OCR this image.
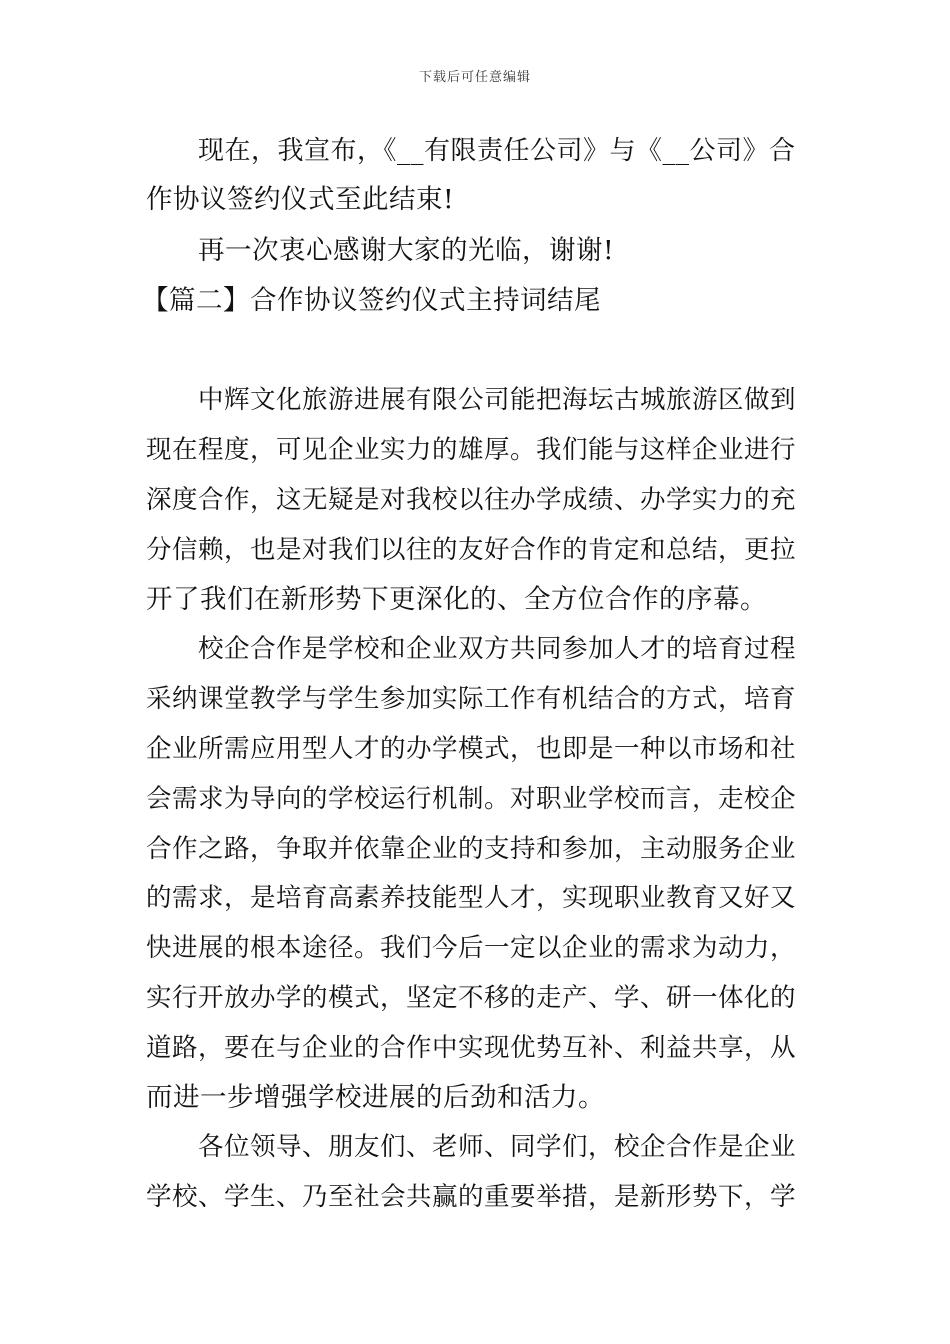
下载后可任意编辑
现在，我宣布，《__有限责任公司》与《__公司》合
作协议签约仪式至此结束!
再一次衷心感谢大家的光临，谢谢!
【篇二】合作协议签约仪式主持词结尾
中辉文化旅游进展有限公司能把海坛古城旅游区做到
现在程度，可见企业实力的雄厚。我们能与这样企业进行
深度合作，这无疑是对我校以往办学成绩、办学实力的充
分信赖，也是对我们以往的友好合作的肯定和总结，更拉
开了我们在新形势下更深化的、全方位合作的序幕。
校企合作是学校和企业双方共同参加人才的培育过程
采纳课堂教学与学生参加实际工作有机结合的方式，培育
企业所需应用型人才的办学模式，也即是一种以市场和社
会需求为导向的学校运行机制。对职业学校而言，走校企
合作之路，争取并依靠企业的支持和参加，主动服务企业
的需求，是培育高素养技能型人才，实现职业教育又好又
快进展的根本途径。我们今后一定以企业的需求为动力，
实行开放办学的模式，坚定不移的走产、学、研一体化的
道路，要在与企业的合作中实现优势互补、利益共享，从
而进一步增强学校进展的后劲和活力。
各位领导、朋友们、老师、同学们，校企合作是企业
学校、学生、乃至社会共赢的重要举措，是新形势下，学
